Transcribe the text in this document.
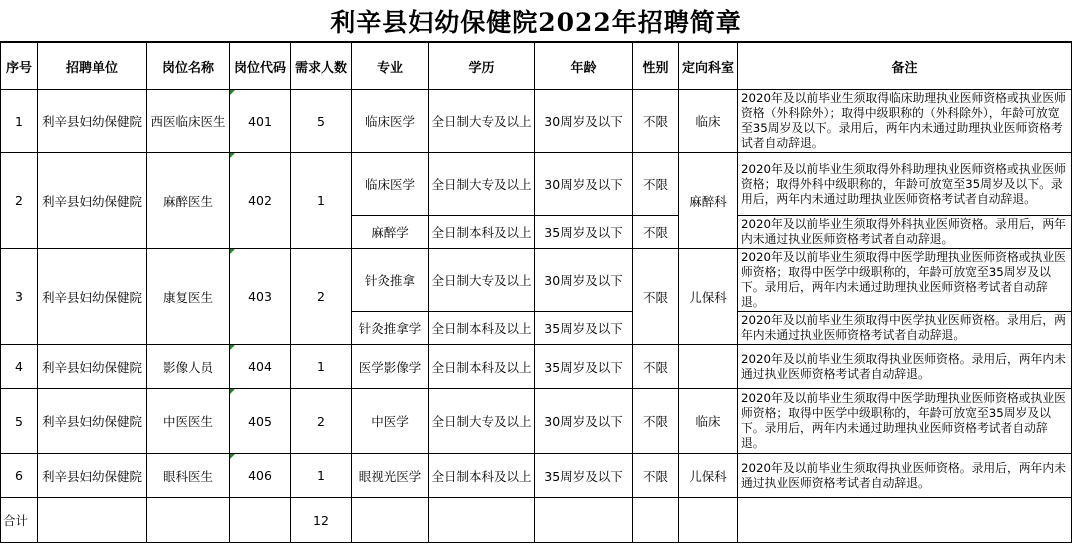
利辛县妇幼保健院2022年招聘简章
序号	招聘单位	岗位名称	岗位代码	需求人数	专业	学历	年龄	性别	定向科室	备注
1	利辛县妇幼保健院	西医临床医生	401	5	临床医学	全日制大专及以上	30周岁及以下	不限	临床	2020年及以前毕业生须取得临床助理执业医师资格或执业医师资格（外科除外）；取得中级职称的（外科除外），年龄可放宽至35周岁及以下。录用后，两年内未通过助理执业医师资格考试者自动辞退。
2	利辛县妇幼保健院	麻醉医生	402	1	临床医学	全日制大专及以上	30周岁及以下	不限	麻醉科	2020年及以前毕业生须取得外科助理执业医师资格或执业医师资格；取得外科中级职称的，年龄可放宽至35周岁及以下。录用后，两年内未通过助理执业医师资格考试者自动辞退。
					麻醉学	全日制本科及以上	35周岁及以下	不限		2020年及以前毕业生须取得外科执业医师资格。录用后，两年内未通过执业医师资格考试者自动辞退。
3	利辛县妇幼保健院	康复医生	403	2	针灸推拿	全日制大专及以上	30周岁及以下	不限	儿保科	2020年及以前毕业生须取得中医学助理执业医师资格或执业医师资格；取得中医学中级职称的，年龄可放宽至35周岁及以下。录用后，两年内未通过助理执业医师资格考试者自动辞退。
					针灸推拿学	全日制本科及以上	35周岁及以下			2020年及以前毕业生须取得中医学执业医师资格。录用后，两年内未通过执业医师资格考试者自动辞退。
4	利辛县妇幼保健院	影像人员	404	1	医学影像学	全日制本科及以上	35周岁及以下	不限		2020年及以前毕业生须取得执业医师资格。录用后，两年内未通过执业医师资格考试者自动辞退。
5	利辛县妇幼保健院	中医医生	405	2	中医学	全日制大专及以上	30周岁及以下	不限	临床	2020年及以前毕业生须取得中医学助理执业医师资格或执业医师资格；取得中医学中级职称的，年龄可放宽至35周岁及以下。录用后，两年内未通过助理执业医师资格考试者自动辞退。
6	利辛县妇幼保健院	眼科医生	406	1	眼视光医学	全日制本科及以上	35周岁及以下	不限	儿保科	2020年及以前毕业生须取得执业医师资格。录用后，两年内未通过执业医师资格考试者自动辞退。
合计				12						
